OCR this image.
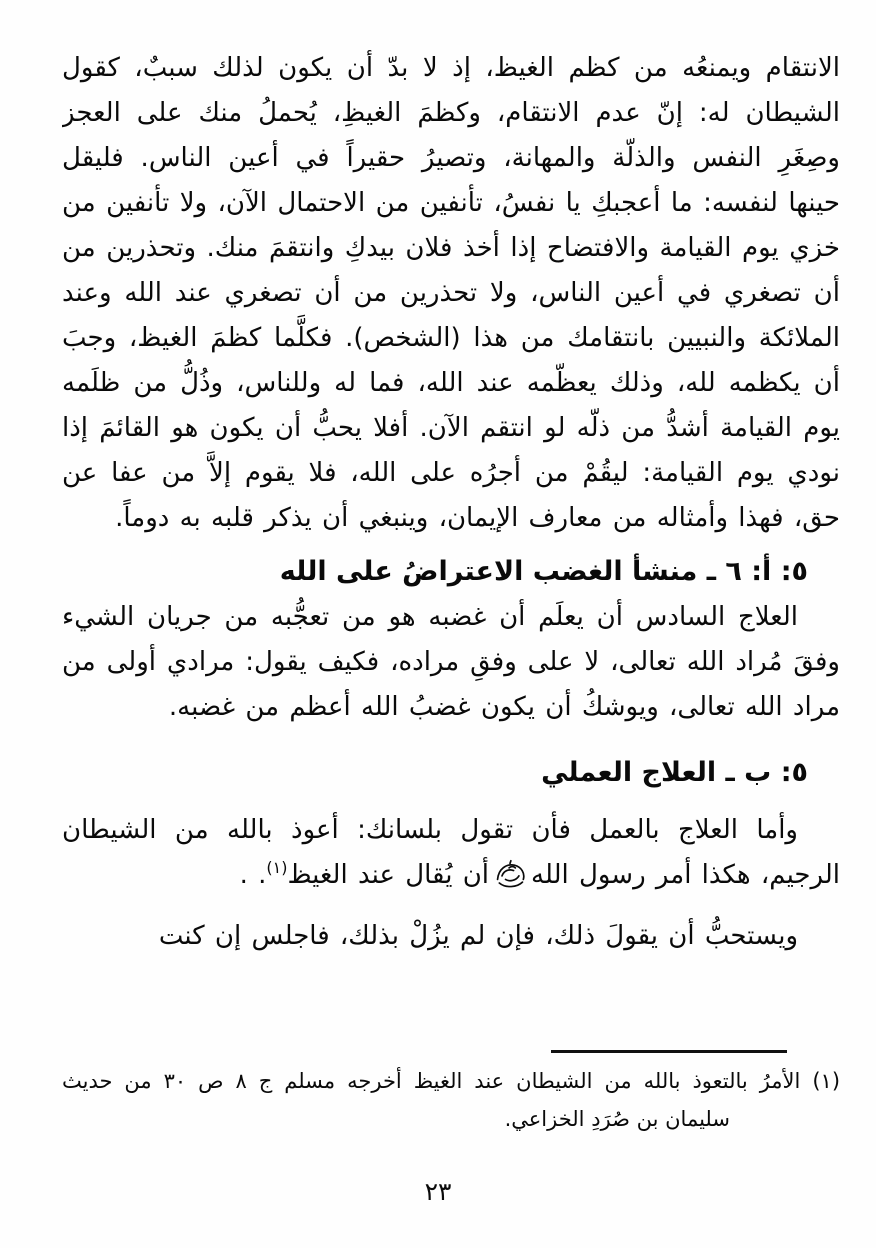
الانتقام ويمنعُه من كظم الغيظ، إذ لا بدّ أن يكون لذلك سببٌ، كقول الشيطان له: إنّ عدم الانتقام، وكظمَ الغيظِ، يُحملُ منك على العجز وصِغَرِ النفس والذلّة والمهانة، وتصيرُ حقيراً في أعين الناس. فليقل حينها لنفسه: ما أعجبكِ يا نفسُ، تأنفين من الاحتمال الآن، ولا تأنفين من خزي يوم القيامة والافتضاح إذا أخذ فلان بيدكِ وانتقمَ منك. وتحذرين من أن تصغري في أعين الناس، ولا تحذرين من أن تصغري عند الله وعند الملائكة والنبيين بانتقامك من هذا (الشخص). فكلَّما كظمَ الغيظ، وجبَ أن يكظمه لله، وذلك يعظّمه عند الله، فما له وللناس، وذُلُّ من ظلَمه يوم القيامة أشدُّ من ذلّه لو انتقم الآن. أفلا يحبُّ أن يكون هو القائمَ إذا نودي يوم القيامة: ليقُمْ من أجرُه على الله، فلا يقوم إلاَّ من عفا عن حق، فهذا وأمثاله من معارف الإيمان، وينبغي أن يذكر قلبه به دوماً.

٥: أ: ٦ ـ منشأ الغضب الاعتراضُ على الله

العلاج السادس أن يعلَم أن غضبه هو من تعجُّبه من جريان الشيء وفقَ مُراد الله تعالى، لا على وفقِ مراده، فكيف يقول: مرادي أولى من مراد الله تعالى، ويوشكُ أن يكون غضبُ الله أعظم من غضبه.

٥: ب ـ العلاج العملي

وأما العلاج بالعمل فأن تقول بلسانك: أعوذ بالله من الشيطان الرجيم، هكذا أمر رسول الله
أن يُقال عند الغيظ$^{(١)}$. .

ويستحبُّ أن يقولَ ذلك، فإن لم يزُلْ بذلك، فاجلس إن كنت

(١) الأمرُ بالتعوذ بالله من الشيطان عند الغيظ أخرجه مسلم ج ٨ ص ٣٠ من حديث
سليمان بن صُرَدِ الخزاعي.
٢٣
